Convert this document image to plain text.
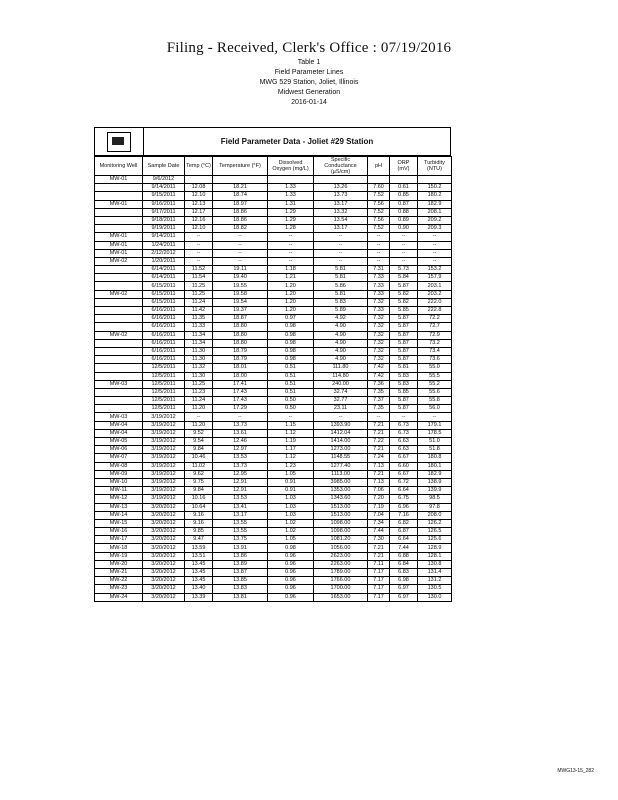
Filing - Received, Clerk's Office : 07/19/2016
Table 1
Field Parameter Lines
MWG 529 Station, Joliet, Illinois
Midwest Generation
2016-01-14
Field Parameter Data - Joliet #29 Station
Monitoring Well	Sample Date	Temp (°C)	Temperature (°F)	Dissolved Oxygen (mg/L)	Specific Conductance (µS/cm)	pH	ORP (mV)	Turbidity (NTU)
MW-01	9/6/2012							
	9/14/2011	12.08	18.21	1.33	13.26	7.60	0.61	150.2
	9/15/2011	12.10	18.74	1.33	13.73	7.52	0.85	180.2
MW-01	9/16/2011	12.13	18.97	1.31	13.17	7.56	0.87	182.9
	9/17/2011	12.17	18.86	1.29	13.32	7.52	0.88	208.1
	9/18/2011	12.16	18.86	1.29	13.54	7.56	0.89	209.2
	9/19/2011	12.10	18.82	1.28	13.17	7.52	0.90	209.3
MW-01	9/14/2011	--	--	--	--	--	--	--
MW-01	1/24/2011	--	--	--	--	--	--	--
MW-01	2/12/2012	--	--	--	--	--	--	--
MW-02	1/20/2011	--	--	--	--	--	--	--
	6/14/2011	11.52	19.11	1.18	5.81	7.31	5.73	153.2
	6/14/2011	11.54	19.40	1.21	5.81	7.33	5.84	157.9
	6/15/2011	11.25	19.55	1.20	5.86	7.33	5.87	203.1
MW-02	6/15/2011	11.25	19.58	1.20	5.81	7.33	5.82	203.2
	6/15/2011	11.24	19.54	1.20	5.83	7.32	5.82	222.0
	6/16/2011	11.42	19.37	1.20	5.89	7.33	5.85	222.8
	6/16/2011	11.35	18.87	0.97	4.92	7.32	5.87	72.2
	6/16/2011	11.33	18.80	0.98	4.90	7.32	5.87	72.7
MW-02	6/16/2011	11.34	18.80	0.98	4.90	7.32	5.87	72.9
	6/16/2011	11.34	18.80	0.98	4.90	7.32	5.87	73.2
	6/16/2011	11.30	18.79	0.98	4.90	7.32	5.87	73.4
	6/16/2011	11.30	18.79	0.98	4.90	7.32	5.87	73.6
	12/5/2011	11.32	18.01	0.51	111.80	7.42	5.81	55.0
	12/5/2011	11.30	18.00	0.51	114.80	7.42	5.83	55.5
MW-03	12/5/2011	11.25	17.41	0.51	240.00	7.36	5.83	55.2
	12/5/2011	11.23	17.43	0.51	32.74	7.35	5.85	55.6
	12/5/2011	11.24	17.43	0.50	32.77	7.37	5.87	55.8
	12/5/2011	11.20	17.29	0.50	23.11	7.35	5.87	56.0
MW-03	3/19/2012	--	--	--	--	--	--	--
MW-04	3/19/2012	11.20	13.73	1.15	1393.90	7.21	6.73	179.1
MW-04	3/19/2012	9.52	13.61	1.12	1412.04	7.21	6.73	178.5
MW-05	3/19/2012	9.54	12.46	1.19	1414.00	7.22	6.63	51.0
MW-06	3/19/2012	9.84	12.97	1.17	1273.00	7.21	6.63	51.8
MW-07	3/19/2012	10.46	13.53	1.12	1148.55	7.24	6.67	180.8
MW-08	3/19/2012	11.02	13.73	1.23	1277.40	7.13	6.60	180.1
MW-09	3/19/2012	9.62	12.95	1.05	1113.00	7.21	6.67	182.9
MW-10	3/19/2012	9.75	12.91	0.91	3985.00	7.13	6.72	138.9
MW-11	3/19/2012	9.84	12.91	0.91	1353.00	7.06	6.64	139.9
MW-12	3/19/2012	10.16	13.53	1.03	1343.60	7.20	6.75	98.5
MW-13	3/20/2012	10.64	13.41	1.03	1513.00	7.19	6.96	97.8
MW-14	3/20/2012	9.16	13.17	1.03	1513.00	7.04	7.16	208.0
MW-15	3/20/2012	9.16	13.55	1.02	1098.00	7.34	6.82	126.2
MW-16	3/20/2012	9.85	13.55	1.02	1098.00	7.44	6.87	126.5
MW-17	3/20/2012	9.47	13.75	1.05	1081.20	7.30	6.64	125.6
MW-18	3/20/2012	13.59	13.91	0.98	1056.00	7.21	7.44	128.9
MW-19	3/20/2012	13.51	13.86	0.96	2623.00	7.21	6.88	128.1
MW-20	3/20/2012	13.45	13.89	0.96	2263.00	7.11	6.84	130.8
MW-21	3/20/2012	13.45	13.87	0.96	1789.00	7.17	6.83	131.4
MW-22	3/20/2012	13.45	13.85	0.96	1766.00	7.17	6.98	131.2
MW-23	3/20/2012	13.40	13.83	0.96	1700.00	7.17	6.97	130.5
MW-24	3/20/2012	13.39	13.81	0.96	1653.00	7.17	6.97	130.0
MWG13-15_282
